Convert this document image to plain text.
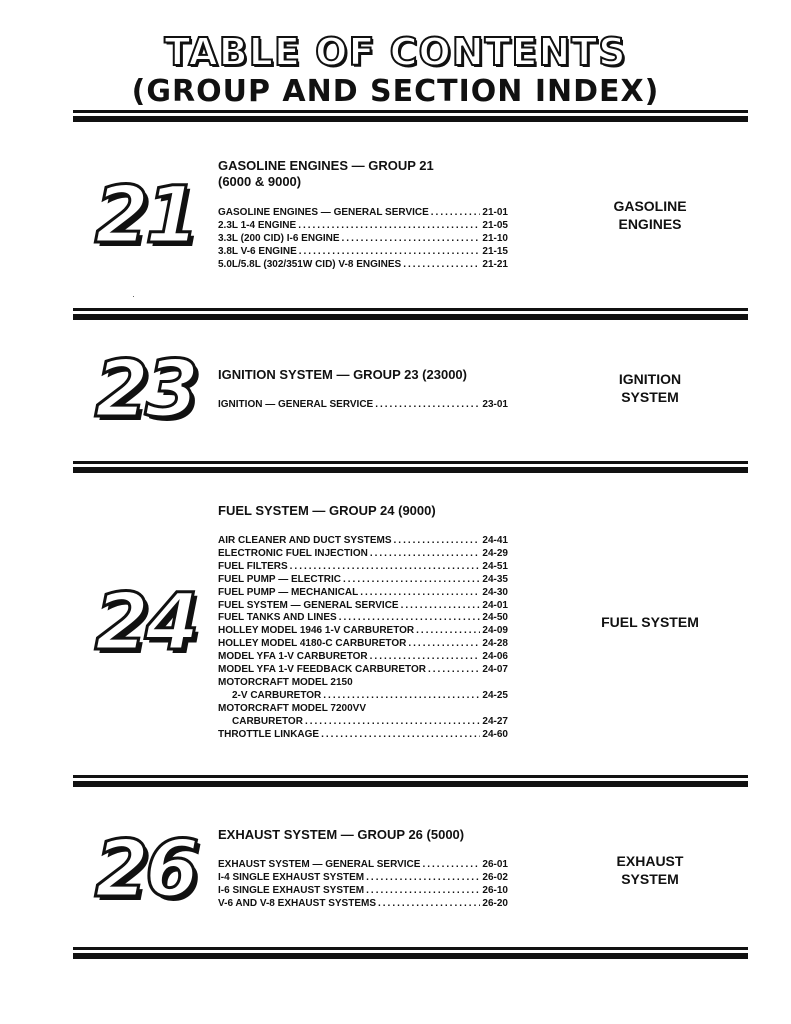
TABLE OF CONTENTS
(GROUP AND SECTION INDEX)
21
GASOLINE ENGINES — GROUP 21
(6000 & 9000)
GASOLINE ENGINES — GENERAL SERVICE .....	21-01
2.3L 1-4 ENGINE .....	21-05
3.3L (200 CID) I-6 ENGINE .....	21-10
3.8L V-6 ENGINE .....	21-15
5.0L/5.8L (302/351W CID) V-8 ENGINES .....	21-21
GASOLINE
ENGINES
23	IGNITION SYSTEM — GROUP 23 (23000)
IGNITION — GENERAL SERVICE .....	23-01
IGNITION
SYSTEM
24
FUEL SYSTEM — GROUP 24 (9000)
AIR CLEANER AND DUCT SYSTEMS .....	24-41
ELECTRONIC FUEL INJECTION .....	24-29
FUEL FILTERS .....	24-51
FUEL PUMP — ELECTRIC .....	24-35
FUEL PUMP — MECHANICAL .....	24-30
FUEL SYSTEM — GENERAL SERVICE .....	24-01
FUEL TANKS AND LINES .....	24-50
HOLLEY MODEL 1946 1-V CARBURETOR .....	24-09
HOLLEY MODEL 4180-C CARBURETOR .....	24-28
MODEL YFA 1-V CARBURETOR .....	24-06
MODEL YFA 1-V FEEDBACK CARBURETOR .....	24-07
MOTORCRAFT MODEL 2150
2-V CARBURETOR .....	24-25
MOTORCRAFT MODEL 7200VV
CARBURETOR .....	24-27
THROTTLE LINKAGE .....	24-60
FUEL SYSTEM
26	EXHAUST SYSTEM — GROUP 26 (5000)
EXHAUST SYSTEM — GENERAL SERVICE .....	26-01
I-4 SINGLE EXHAUST SYSTEM .....	26-02
I-6 SINGLE EXHAUST SYSTEM .....	26-10
V-6 AND V-8 EXHAUST SYSTEMS .....	26-20
EXHAUST
SYSTEM
